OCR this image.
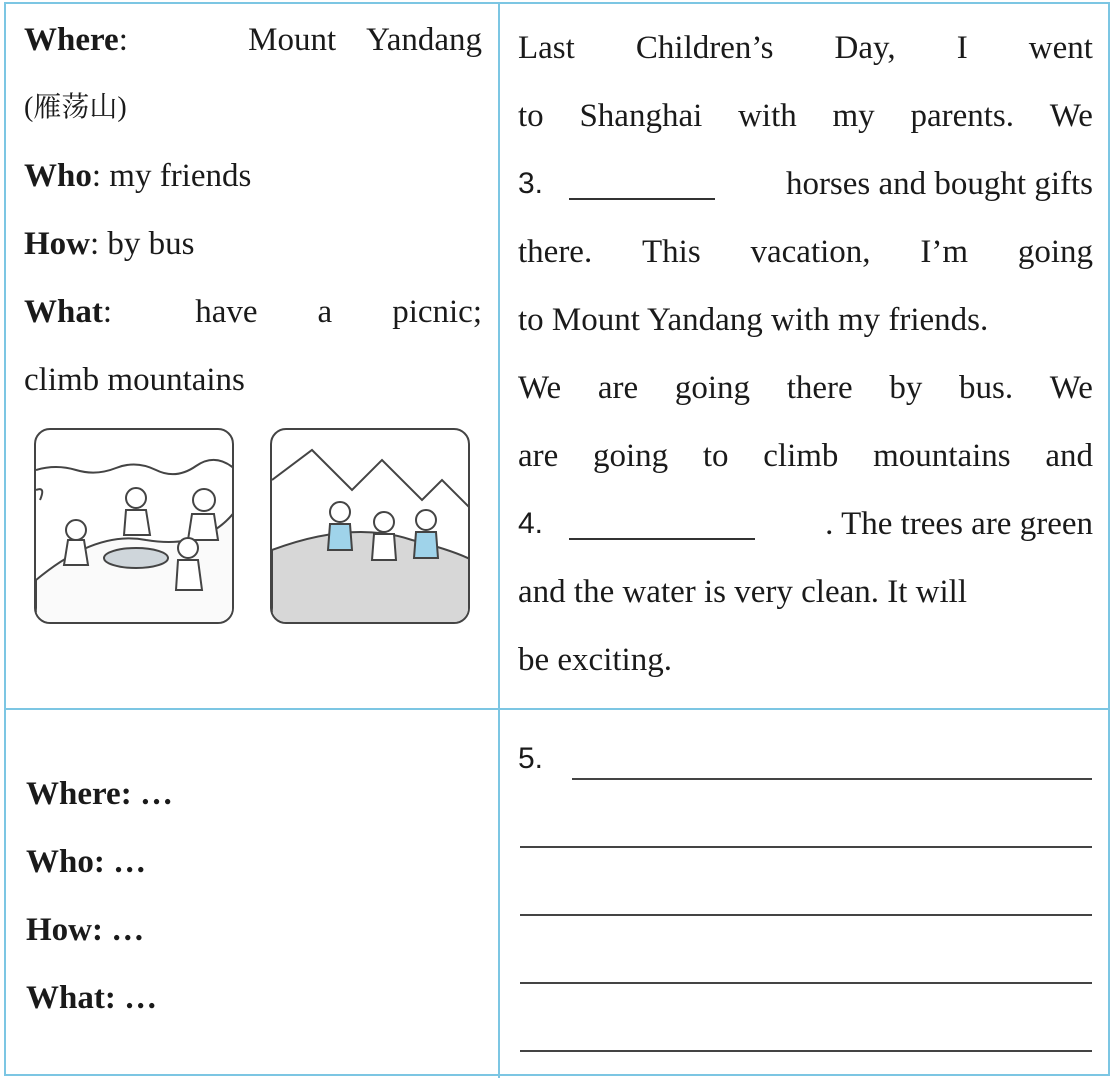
Where:	Mount Yandang
(雁荡山)
Who: my friends
How: by bus
What:	have a picnic;
climb mountains
Last Children’s Day, I went
to Shanghai with my parents. We
3.	horses and bought gifts
there. This vacation, I’m going
to Mount Yandang with my friends.
We are going there by bus. We
are going to climb mountains and
4.	. The trees are green
and the water is very clean. It will
be exciting.
Where: …
Who: …
How: …
What: …
5.
